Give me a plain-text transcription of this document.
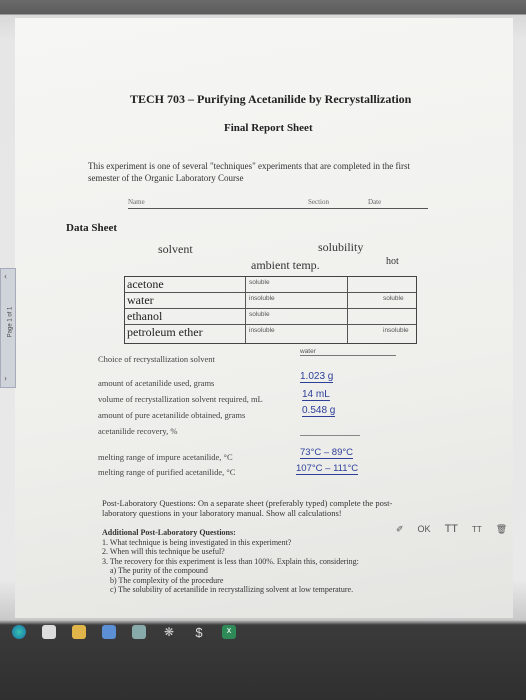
TECH 703 – Purifying Acetanilide by Recrystallization
Final Report Sheet
This experiment is one of several "techniques" experiments that are completed in the first
semester of the Organic Laboratory Course
Name	Section	Date
Data Sheet
solvent	solubility
ambient temp.	hot
acetone	soluble
water	insoluble	soluble
ethanol	soluble
petroleum ether	insoluble	insoluble
Choice of recrystallization solvent
water
amount of acetanilide used, grams
1.023 g
volume of recrystallization solvent required, mL	14 mL
amount of pure acetanilide obtained, grams	0.548 g
acetanilide recovery, %
melting range of impure acetanilide, °C	73°C – 89°C
melting range of purified acetanilide, °C	107°C – 111°C
Post-Laboratory Questions: On a separate sheet (preferably typed) complete the post-
laboratory questions in your laboratory manual. Show all calculations!
Additional Post-Laboratory Questions:
1. What technique is being investigated in this experiment?
2. When will this technique be useful?
3. The recovery for this experiment is less than 100%. Explain this, considering:
a) The purity of the compound
b) The complexity of the procedure
c) The solubility of acetanilide in recrystallizing solvent at low temperature.
‹
Page 1 of 1
›
✐ OK TT TT 🗑
❋ $	x
